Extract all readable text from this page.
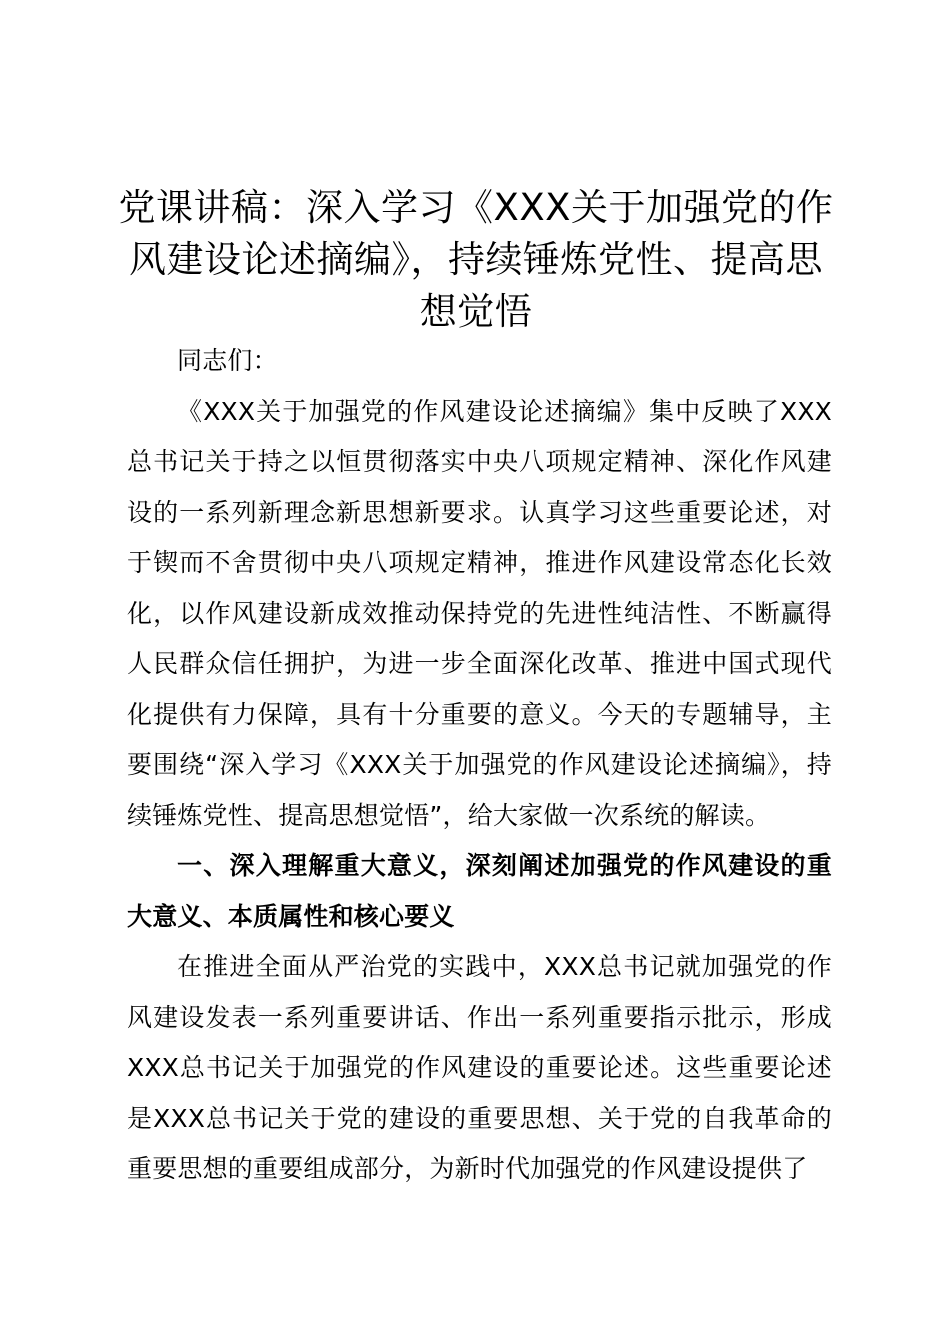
党课讲稿：深入学习《XXX关于加强党的作风建设论述摘编》，持续锤炼党性、提高思想觉悟

同志们：

《XXX关于加强党的作风建设论述摘编》集中反映了XXX总书记关于持之以恒贯彻落实中央八项规定精神、深化作风建设的一系列新理念新思想新要求。认真学习这些重要论述，对于锲而不舍贯彻中央八项规定精神，推进作风建设常态化长效化，以作风建设新成效推动保持党的先进性纯洁性、不断赢得人民群众信任拥护，为进一步全面深化改革、推进中国式现代化提供有力保障，具有十分重要的意义。今天的专题辅导，主要围绕“深入学习《XXX关于加强党的作风建设论述摘编》，持续锤炼党性、提高思想觉悟”，给大家做一次系统的解读。

一、深入理解重大意义，深刻阐述加强党的作风建设的重大意义、本质属性和核心要义

在推进全面从严治党的实践中，XXX总书记就加强党的作风建设发表一系列重要讲话、作出一系列重要指示批示，形成XXX总书记关于加强党的作风建设的重要论述。这些重要论述是XXX总书记关于党的建设的重要思想、关于党的自我革命的重要思想的重要组成部分，为新时代加强党的作风建设提供了
